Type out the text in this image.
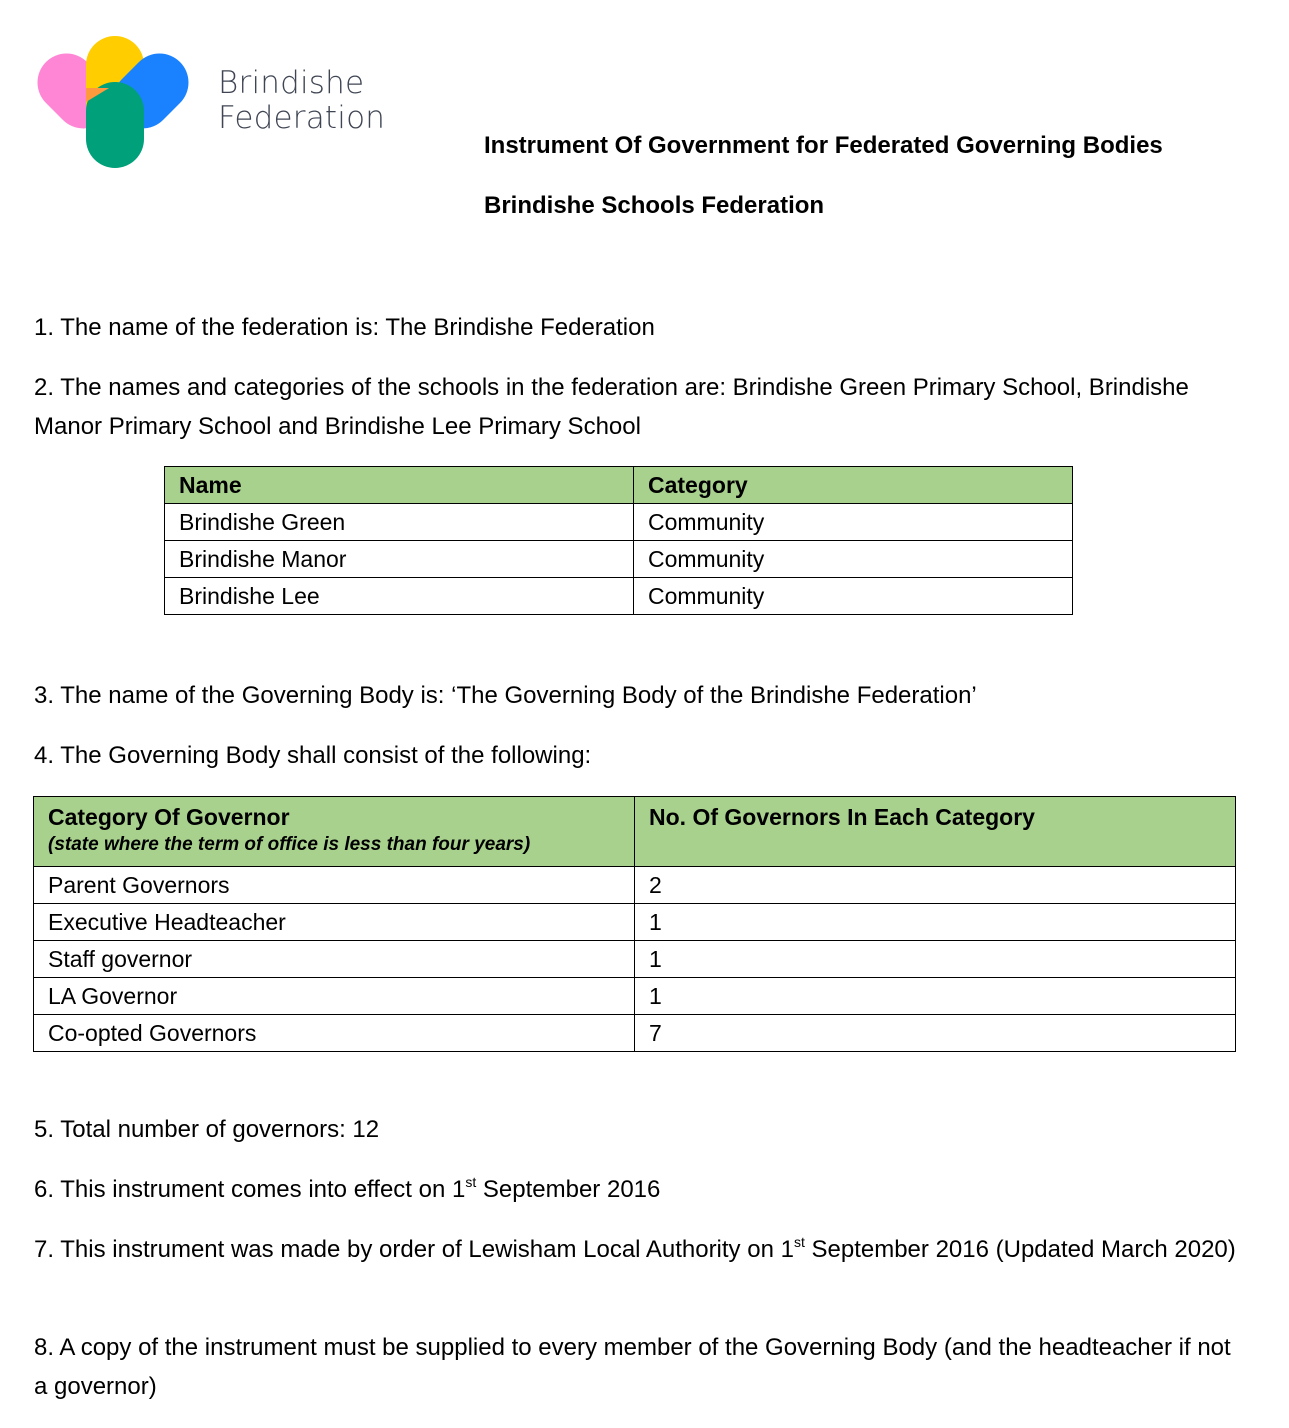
Brindishe
Federation
Instrument Of Government for Federated Governing Bodies
Brindishe Schools Federation
1. The name of the federation is: The Brindishe Federation
2. The names and categories of the schools in the federation are: Brindishe Green Primary School, Brindishe Manor Primary School and Brindishe Lee Primary School
Name	Category
Brindishe Green	Community
Brindishe Manor	Community
Brindishe Lee	Community
3. The name of the Governing Body is: ‘The Governing Body of the Brindishe Federation’
4. The Governing Body shall consist of the following:
Category Of Governor
(state where the term of office is less than four years)	No. Of Governors In Each Category
Parent Governors	2
Executive Headteacher	1
Staff governor	1
LA Governor	1
Co-opted Governors	7
5. Total number of governors: 12
6. This instrument comes into effect on 1st September 2016
7. This instrument was made by order of Lewisham Local Authority on 1st September 2016 (Updated March 2020)
8. A copy of the instrument must be supplied to every member of the Governing Body (and the headteacher if not a governor)
